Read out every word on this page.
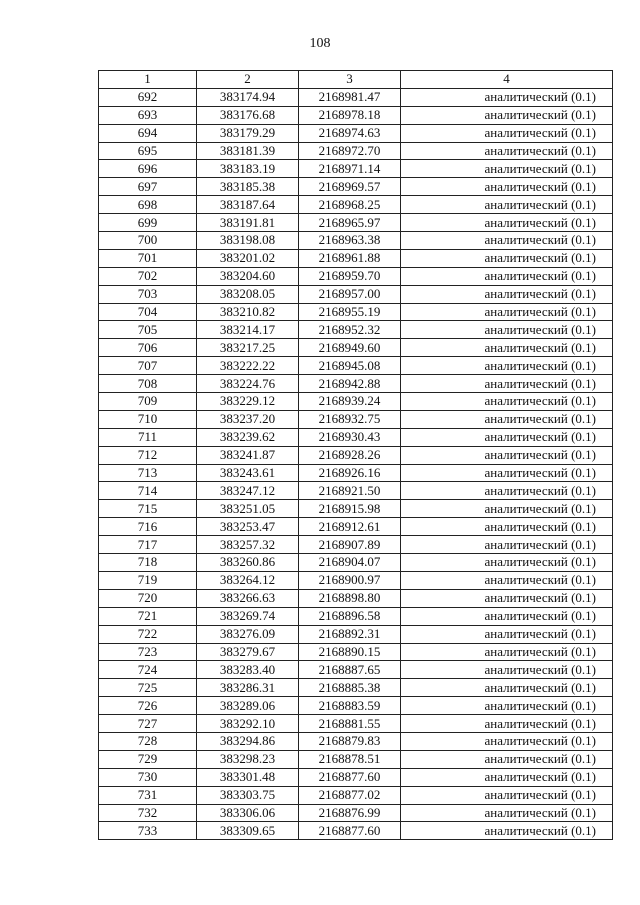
108
1	2	3	4
692	383174.94	2168981.47	аналитический (0.1)
693	383176.68	2168978.18	аналитический (0.1)
694	383179.29	2168974.63	аналитический (0.1)
695	383181.39	2168972.70	аналитический (0.1)
696	383183.19	2168971.14	аналитический (0.1)
697	383185.38	2168969.57	аналитический (0.1)
698	383187.64	2168968.25	аналитический (0.1)
699	383191.81	2168965.97	аналитический (0.1)
700	383198.08	2168963.38	аналитический (0.1)
701	383201.02	2168961.88	аналитический (0.1)
702	383204.60	2168959.70	аналитический (0.1)
703	383208.05	2168957.00	аналитический (0.1)
704	383210.82	2168955.19	аналитический (0.1)
705	383214.17	2168952.32	аналитический (0.1)
706	383217.25	2168949.60	аналитический (0.1)
707	383222.22	2168945.08	аналитический (0.1)
708	383224.76	2168942.88	аналитический (0.1)
709	383229.12	2168939.24	аналитический (0.1)
710	383237.20	2168932.75	аналитический (0.1)
711	383239.62	2168930.43	аналитический (0.1)
712	383241.87	2168928.26	аналитический (0.1)
713	383243.61	2168926.16	аналитический (0.1)
714	383247.12	2168921.50	аналитический (0.1)
715	383251.05	2168915.98	аналитический (0.1)
716	383253.47	2168912.61	аналитический (0.1)
717	383257.32	2168907.89	аналитический (0.1)
718	383260.86	2168904.07	аналитический (0.1)
719	383264.12	2168900.97	аналитический (0.1)
720	383266.63	2168898.80	аналитический (0.1)
721	383269.74	2168896.58	аналитический (0.1)
722	383276.09	2168892.31	аналитический (0.1)
723	383279.67	2168890.15	аналитический (0.1)
724	383283.40	2168887.65	аналитический (0.1)
725	383286.31	2168885.38	аналитический (0.1)
726	383289.06	2168883.59	аналитический (0.1)
727	383292.10	2168881.55	аналитический (0.1)
728	383294.86	2168879.83	аналитический (0.1)
729	383298.23	2168878.51	аналитический (0.1)
730	383301.48	2168877.60	аналитический (0.1)
731	383303.75	2168877.02	аналитический (0.1)
732	383306.06	2168876.99	аналитический (0.1)
733	383309.65	2168877.60	аналитический (0.1)
